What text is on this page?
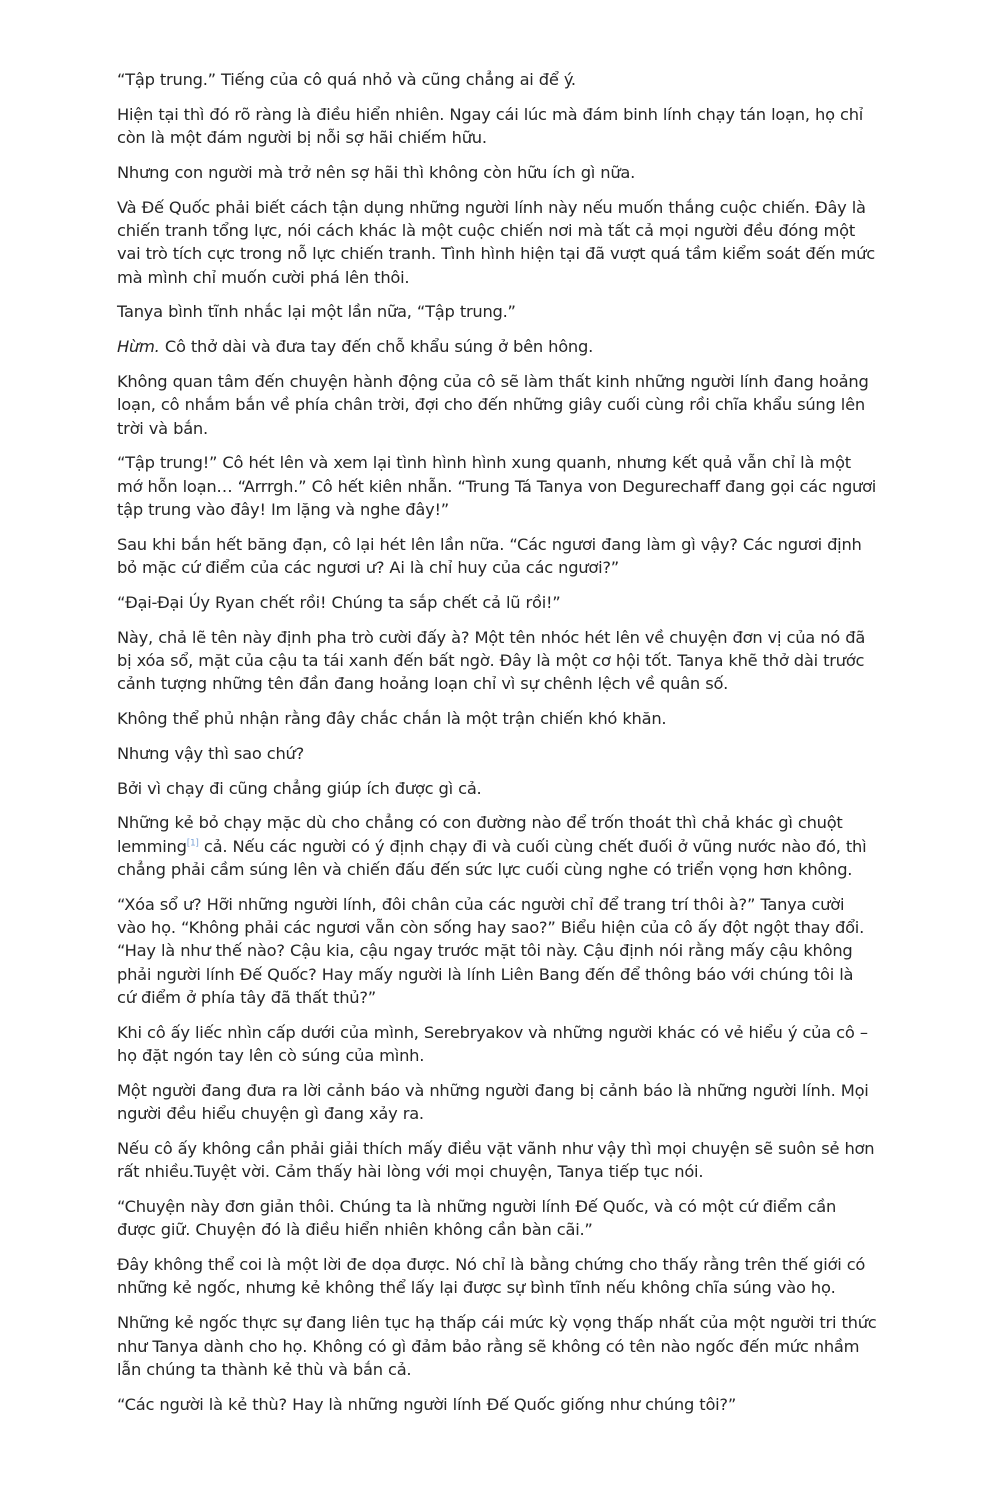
“Tập trung.” Tiếng của cô quá nhỏ và cũng chẳng ai để ý.

Hiện tại thì đó rõ ràng là điều hiển nhiên. Ngay cái lúc mà đám binh lính chạy tán loạn, họ chỉ còn là một đám người bị nỗi sợ hãi chiếm hữu.

Nhưng con người mà trở nên sợ hãi thì không còn hữu ích gì nữa.

Và Đế Quốc phải biết cách tận dụng những người lính này nếu muốn thắng cuộc chiến. Đây là chiến tranh tổng lực, nói cách khác là một cuộc chiến nơi mà tất cả mọi người đều đóng một vai trò tích cực trong nỗ lực chiến tranh. Tình hình hiện tại đã vượt quá tầm kiểm soát đến mức mà mình chỉ muốn cười phá lên thôi.

Tanya bình tĩnh nhắc lại một lần nữa, “Tập trung.”

Hừm. Cô thở dài và đưa tay đến chỗ khẩu súng ở bên hông.

Không quan tâm đến chuyện hành động của cô sẽ làm thất kinh những người lính đang hoảng loạn, cô nhắm bắn về phía chân trời, đợi cho đến những giây cuối cùng rồi chĩa khẩu súng lên trời và bắn.

“Tập trung!” Cô hét lên và xem lại tình hình hình xung quanh, nhưng kết quả vẫn chỉ là một mớ hỗn loạn… “Arrrgh.” Cô hết kiên nhẫn. “Trung Tá Tanya von Degurechaff đang gọi các ngươi tập trung vào đây! Im lặng và nghe đây!”

Sau khi bắn hết băng đạn, cô lại hét lên lần nữa. “Các ngươi đang làm gì vậy? Các ngươi định bỏ mặc cứ điểm của các ngươi ư? Ai là chỉ huy của các ngươi?”

“Đại-Đại Úy Ryan chết rồi! Chúng ta sắp chết cả lũ rồi!”

Này, chả lẽ tên này định pha trò cười đấy à? Một tên nhóc hét lên về chuyện đơn vị của nó đã bị xóa sổ, mặt của cậu ta tái xanh đến bất ngờ. Đây là một cơ hội tốt. Tanya khẽ thở dài trước cảnh tượng những tên đần đang hoảng loạn chỉ vì sự chênh lệch về quân số.

Không thể phủ nhận rằng đây chắc chắn là một trận chiến khó khăn.

Nhưng vậy thì sao chứ?

Bởi vì chạy đi cũng chẳng giúp ích được gì cả.

Những kẻ bỏ chạy mặc dù cho chẳng có con đường nào để trốn thoát thì chả khác gì chuột lemming[1] cả. Nếu các người có ý định chạy đi và cuối cùng chết đuối ở vũng nước nào đó, thì chẳng phải cầm súng lên và chiến đấu đến sức lực cuối cùng nghe có triển vọng hơn không.

“Xóa sổ ư? Hỡi những người lính, đôi chân của các người chỉ để trang trí thôi à?” Tanya cười vào họ. “Không phải các ngươi vẫn còn sống hay sao?” Biểu hiện của cô ấy đột ngột thay đổi. “Hay là như thế nào? Cậu kia, cậu ngay trước mặt tôi này. Cậu định nói rằng mấy cậu không phải người lính Đế Quốc? Hay mấy người là lính Liên Bang đến để thông báo với chúng tôi là cứ điểm ở phía tây đã thất thủ?”

Khi cô ấy liếc nhìn cấp dưới của mình, Serebryakov và những người khác có vẻ hiểu ý của cô – họ đặt ngón tay lên cò súng của mình.

Một người đang đưa ra lời cảnh báo và những người đang bị cảnh báo là những người lính. Mọi người đều hiểu chuyện gì đang xảy ra.

Nếu cô ấy không cần phải giải thích mấy điều vặt vãnh như vậy thì mọi chuyện sẽ suôn sẻ hơn rất nhiều.Tuyệt vời. Cảm thấy hài lòng với mọi chuyện, Tanya tiếp tục nói.

“Chuyện này đơn giản thôi. Chúng ta là những người lính Đế Quốc, và có một cứ điểm cần được giữ. Chuyện đó là điều hiển nhiên không cần bàn cãi.”

Đây không thể coi là một lời đe dọa được. Nó chỉ là bằng chứng cho thấy rằng trên thế giới có những kẻ ngốc, nhưng kẻ không thể lấy lại được sự bình tĩnh nếu không chĩa súng vào họ.

Những kẻ ngốc thực sự đang liên tục hạ thấp cái mức kỳ vọng thấp nhất của một người tri thức như Tanya dành cho họ. Không có gì đảm bảo rằng sẽ không có tên nào ngốc đến mức nhầm lẫn chúng ta thành kẻ thù và bắn cả.

“Các người là kẻ thù? Hay là những người lính Đế Quốc giống như chúng tôi?”
